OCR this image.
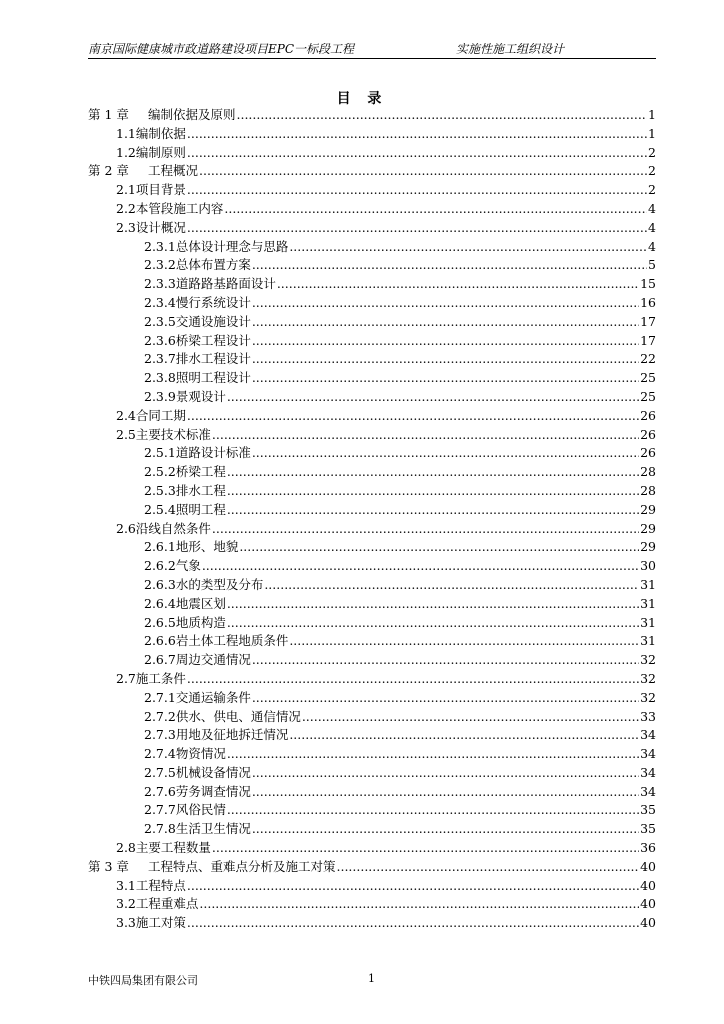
南京国际健康城市政道路建设项目EPC一标段工程	实施性施工组织设计
目 录
第 1 章	编制依据及原则 .....	1
1.1 编制依据 .....	1
1.2 编制原则 .....	2
第 2 章	工程概况 .....	2
2.1 项目背景 .....	2
2.2 本管段施工内容 .....	4
2.3 设计概况 .....	4
2.3.1 总体设计理念与思路 .....	4
2.3.2 总体布置方案 .....	5
2.3.3 道路路基路面设计 .....	15
2.3.4 慢行系统设计 .....	16
2.3.5 交通设施设计 .....	17
2.3.6 桥梁工程设计 .....	17
2.3.7 排水工程设计 .....	22
2.3.8 照明工程设计 .....	25
2.3.9 景观设计 .....	25
2.4 合同工期 .....	26
2.5 主要技术标准 .....	26
2.5.1 道路设计标准 .....	26
2.5.2 桥梁工程 .....	28
2.5.3 排水工程 .....	28
2.5.4 照明工程 .....	29
2.6 沿线自然条件 .....	29
2.6.1 地形、地貌 .....	29
2.6.2 气象 .....	30
2.6.3 水的类型及分布 .....	31
2.6.4 地震区划 .....	31
2.6.5 地质构造 .....	31
2.6.6 岩土体工程地质条件 .....	31
2.6.7 周边交通情况 .....	32
2.7 施工条件 .....	32
2.7.1 交通运输条件 .....	32
2.7.2 供水、供电、通信情况 .....	33
2.7.3 用地及征地拆迁情况 .....	34
2.7.4 物资情况 .....	34
2.7.5 机械设备情况 .....	34
2.7.6 劳务调查情况 .....	34
2.7.7 风俗民情 .....	35
2.7.8 生活卫生情况 .....	35
2.8 主要工程数量 .....	36
第 3 章	工程特点、重难点分析及施工对策 .....	40
3.1 工程特点 .....	40
3.2 工程重难点 .....	40
3.3 施工对策 .....	40
中铁四局集团有限公司	1
